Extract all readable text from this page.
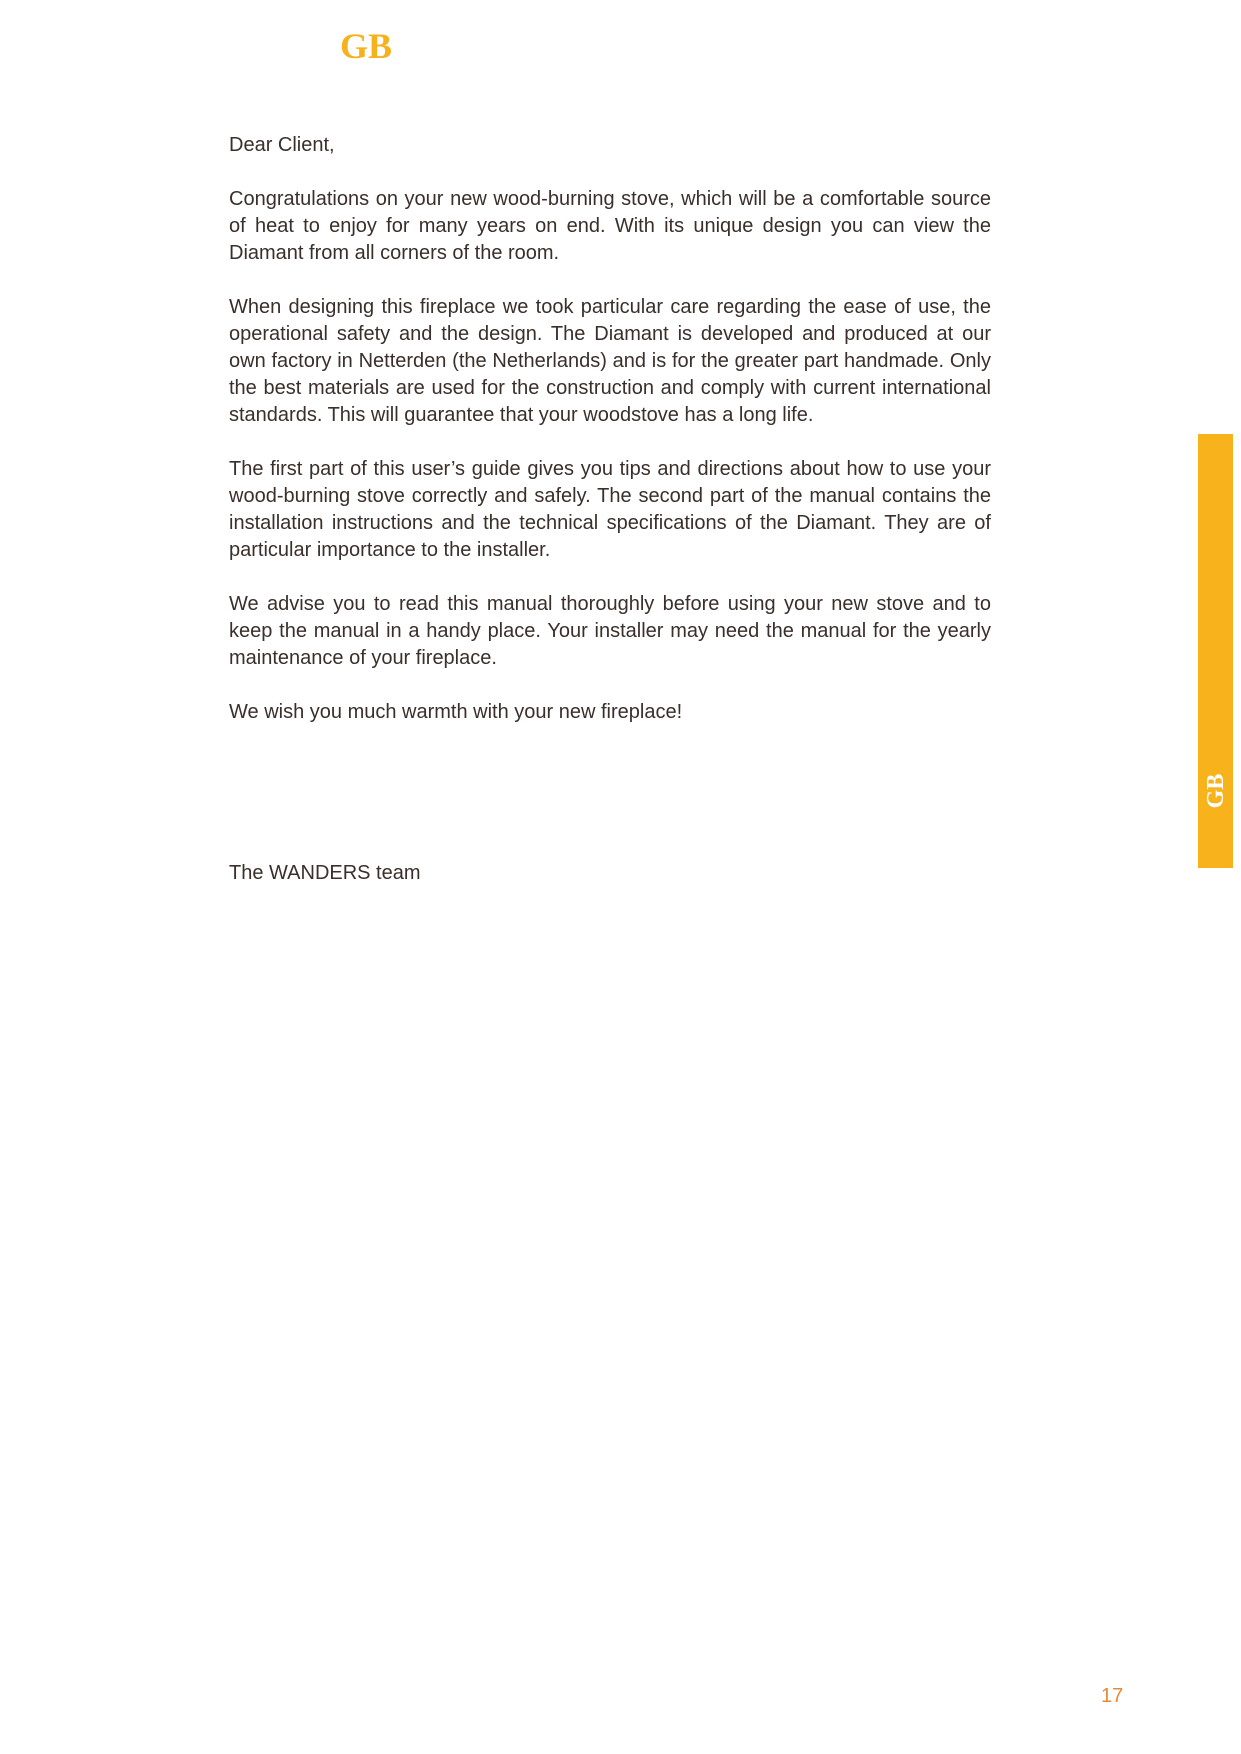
GB

Dear Client,

Congratulations on your new wood-burning stove, which will be a comfortable source of heat to enjoy for many years on end. With its unique design you can view the Diamant from all corners of the room.

When designing this fireplace we took particular care regarding the ease of use, the operational safety and the design. The Diamant is developed and produced at our own factory in Netterden (the Netherlands) and is for the greater part handmade. Only the best materials are used for the construction and comply with current international standards. This will guarantee that your woodstove has a long life.

The first part of this user’s guide gives you tips and directions about how to use your wood-burning stove correctly and safely. The second part of the manual contains the installation instructions and the technical specifications of the Diamant. They are of particular importance to the installer.

We advise you to read this manual thoroughly before using your new stove and to keep the manual in a handy place. Your installer may need the manual for the yearly maintenance of your fireplace.

We wish you much warmth with your new fireplace!

The WANDERS team

GB

17
